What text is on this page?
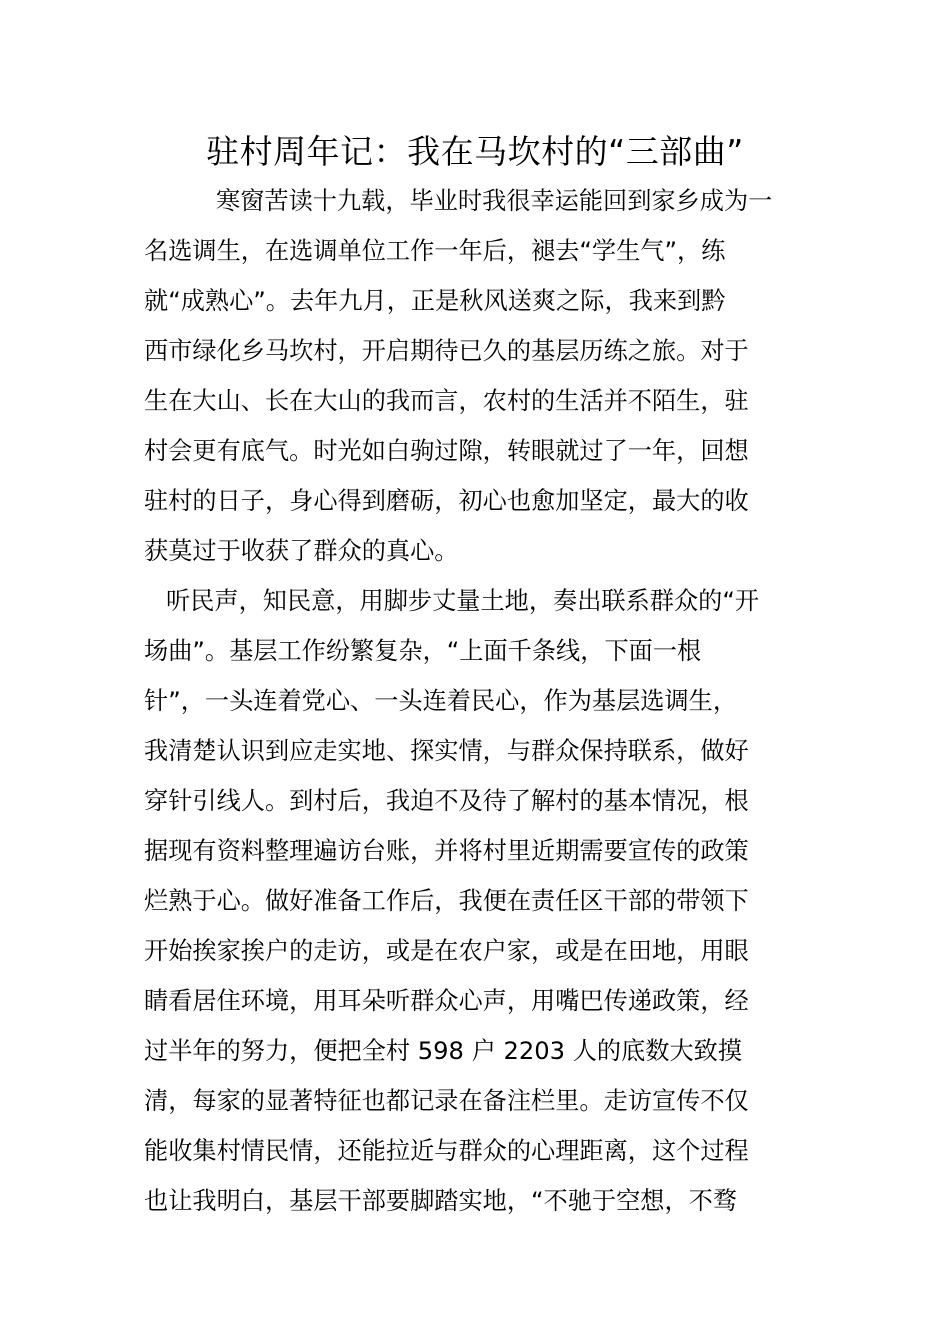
驻村周年记：我在马坎村的“三部曲”
寒窗苦读十九载，毕业时我很幸运能回到家乡成为一
名选调生，在选调单位工作一年后，褪去“学生气”，练
就“成熟心”。去年九月，正是秋风送爽之际，我来到黔
西市绿化乡马坎村，开启期待已久的基层历练之旅。对于
生在大山、长在大山的我而言，农村的生活并不陌生，驻
村会更有底气。时光如白驹过隙，转眼就过了一年，回想
驻村的日子，身心得到磨砺，初心也愈加坚定，最大的收
获莫过于收获了群众的真心。
听民声，知民意，用脚步丈量土地，奏出联系群众的“开
场曲”。基层工作纷繁复杂，“上面千条线，下面一根
针”，一头连着党心、一头连着民心，作为基层选调生，
我清楚认识到应走实地、探实情，与群众保持联系，做好
穿针引线人。到村后，我迫不及待了解村的基本情况，根
据现有资料整理遍访台账，并将村里近期需要宣传的政策
烂熟于心。做好准备工作后，我便在责任区干部的带领下
开始挨家挨户的走访，或是在农户家，或是在田地，用眼
睛看居住环境，用耳朵听群众心声，用嘴巴传递政策，经
过半年的努力，便把全村 598 户 2203 人的底数大致摸
清，每家的显著特征也都记录在备注栏里。走访宣传不仅
能收集村情民情，还能拉近与群众的心理距离，这个过程
也让我明白，基层干部要脚踏实地，“不驰于空想，不骛
